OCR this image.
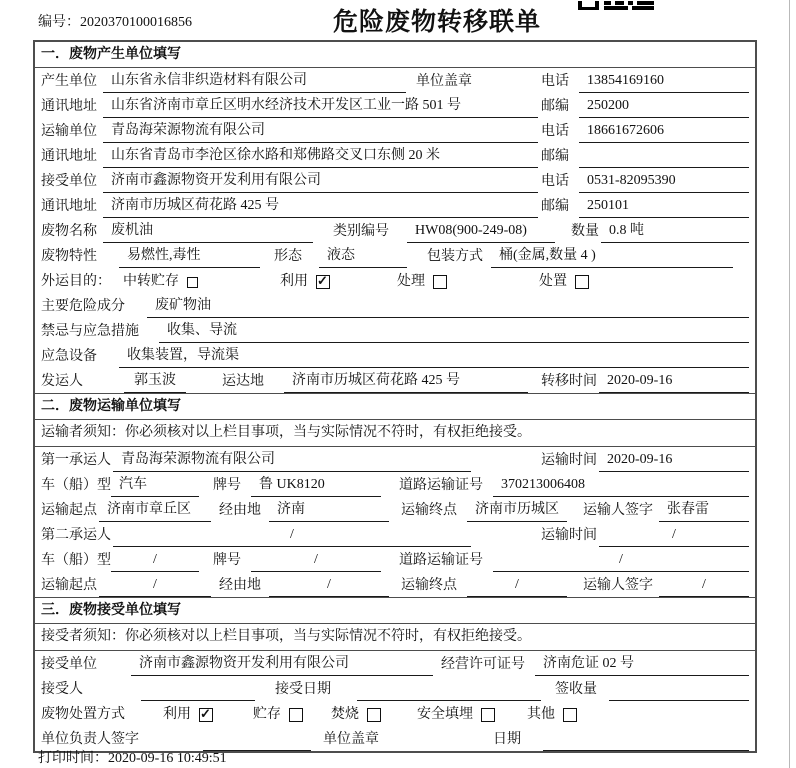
编号：2020370100016856	危险废物转移联单
一．废物产生单位填写
产生单位	山东省永信非织造材料有限公司	单位盖章	电话	13854169160
通讯地址	山东省济南市章丘区明水经济技术开发区工业一路 501 号	邮编	250200
运输单位	青岛海荣源物流有限公司	电话	18661672606
通讯地址	山东省青岛市李沧区徐水路和郑佛路交叉口东侧 20 米	邮编
接受单位	济南市鑫源物资开发利用有限公司	电话	0531-82095390
通讯地址	济南市历城区荷花路 425 号	邮编	250101
废物名称	废机油	类别编号	HW08(900-249-08)	数量 0.8 吨
废物特性	易燃性,毒性	形态	液态	包装方式	桶(金属,数量 4 )
外运目的： 中转贮存	利用 ✓	处理	处置
主要危险成分	废矿物油
禁忌与应急措施	收集、导流
应急设备	收集装置，导流渠
发运人	郭玉波	运达地	济南市历城区荷花路 425 号	转移时间 2020-09-16
二．废物运输单位填写
运输者须知：你必须核对以上栏目事项，当与实际情况不符时，有权拒绝接受。
第一承运人 青岛海荣源物流有限公司	运输时间 2020-09-16
车（船）型 汽车	牌号	鲁 UK8120	道路运输证号	370213006408
运输起点 济南市章丘区	经由地	济南	运输终点	济南市历城区	运输人签字	张春雷
第二承运人	/	运输时间	/
车（船）型	/	牌号	/	道路运输证号	/
运输起点	/	经由地	/	运输终点	/	运输人签字	/
三．废物接受单位填写
接受者须知：你必须核对以上栏目事项，当与实际情况不符时，有权拒绝接受。
接受单位	济南市鑫源物资开发利用有限公司	经营许可证号	济南危证 02 号
接受人	接受日期	签收量
废物处置方式	利用 ✓	贮存	焚烧	安全填埋	其他
单位负责人签字	单位盖章	日期
打印时间：2020-09-16 10:49:51
